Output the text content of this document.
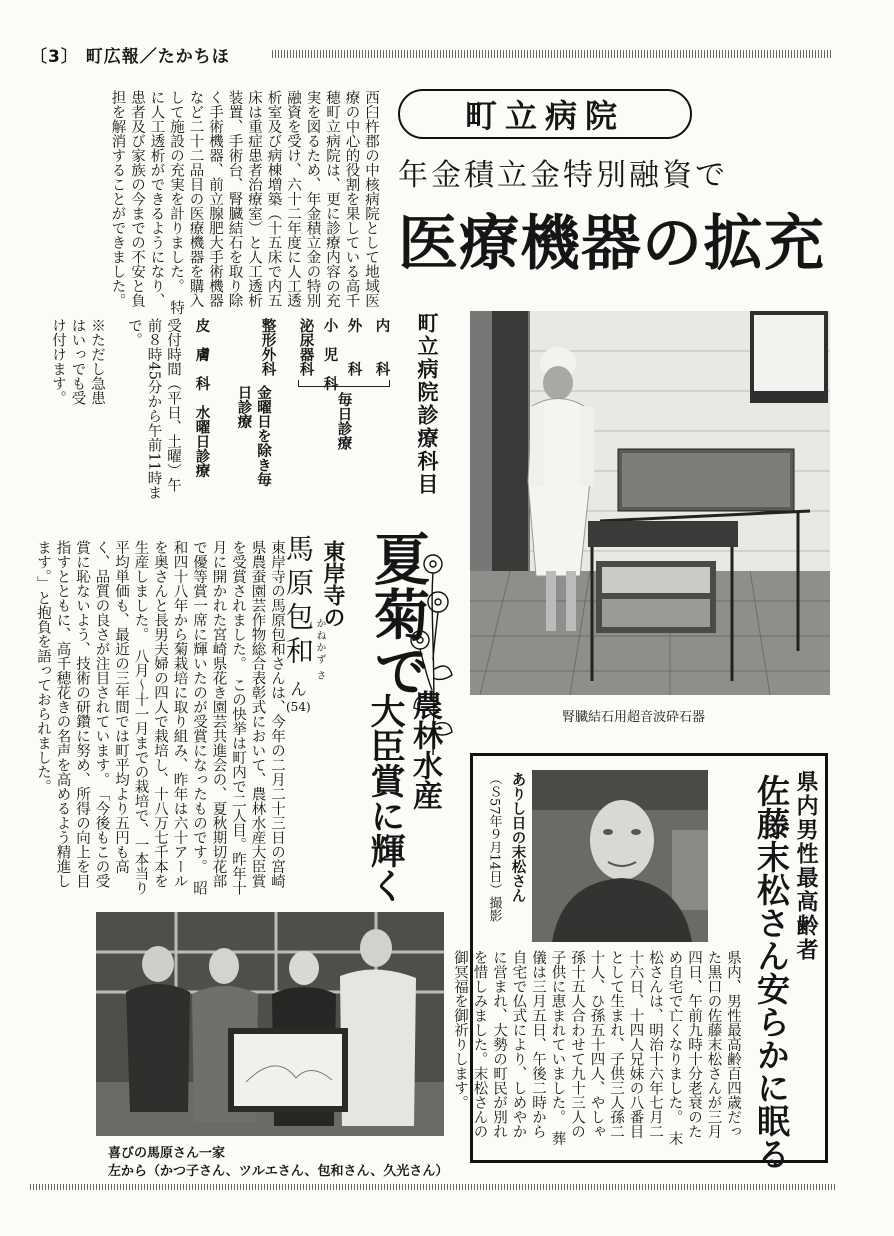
〔3〕 町広報／たかちほ
西臼杵郡の中核病院として地域医療の中心的役割を果している高千穂町立病院は、更に診療内容の充実を図るため、年金積立金の特別融資を受け、六十二年度に人工透析室及び病棟増築（十五床で内五床は重症患者治療室）と人工透析装置、手術台、腎臓結石を取り除く手術機器、前立腺肥大手術機器など二十二品目の医療機器を購入して施設の充実を計りました。　特に人工透析ができるようになり、患者及び家族の今までの不安と負担を解消することができました。	町立病院
年金積立金特別融資で
医療機器の拡充
町立病院診療科目
内　　科
外　　科
小　児　科
泌尿器科
毎日診療
整形外科
金曜日を除き毎日診療
皮　膚　科
水曜日診療
受付時間（平日、土曜）午前８時45分から午前11時まで。
※ただし急患はいっでも受け付けます。
腎臓結石用超音波砕石器
夏菊で
農林水産
大臣賞に輝く
東岸寺の
馬原包和 かねかず
さ
ん
(54)
東岸寺の馬原包和さんは、今年の二月二十三日の宮崎県農蚕園芸作物総合表彰式において、農林水産大臣賞を受賞されました。　この快挙は町内で二人目。昨年十月に開かれた宮崎県花き園芸共進会の、夏秋期切花部で優等賞一席に輝いたのが受賞になったものです。　昭和四十八年から菊栽培に取り組み、昨年は六十アールを奥さんと長男夫婦の四人で栽培し、十八万七千本を生産しました。　八月～十一月までの栽培で、一本当り平均単価も、最近の三年間では町平均より五円も高く、品質の良さが注目されています。　「今後もこの受賞に恥ないよう、技術の研鑽に努め、所得の向上を目指すとともに、高千穂花きの名声を高めるよう精進します。」と抱負を語っておられました。
喜びの馬原さん一家
左から（かつ子さん、ツルエさん、包和さん、久光さん）
県内男性最高齢者
佐藤末松さん安らかに眠る
ありし日の末松さん
（Ｓ57年９月14日）撮影
県内、男性最高齢百四歳だった黒口の佐藤末松さんが三月四日、午前九時十分老衰のため自宅で亡くなりました。　末松さんは、明治十六年七月二十六日、十四人兄妹の八番目として生まれ、子供三人孫二十人、ひ孫五十四人、やしゃ孫十五人合わせて九十三人の子供に恵まれていました。　葬儀は三月五日、午後二時から自宅で仏式により、しめやかに営まれ、大勢の町民が別れを惜しみました。末松さんの御冥福を御祈りします。
